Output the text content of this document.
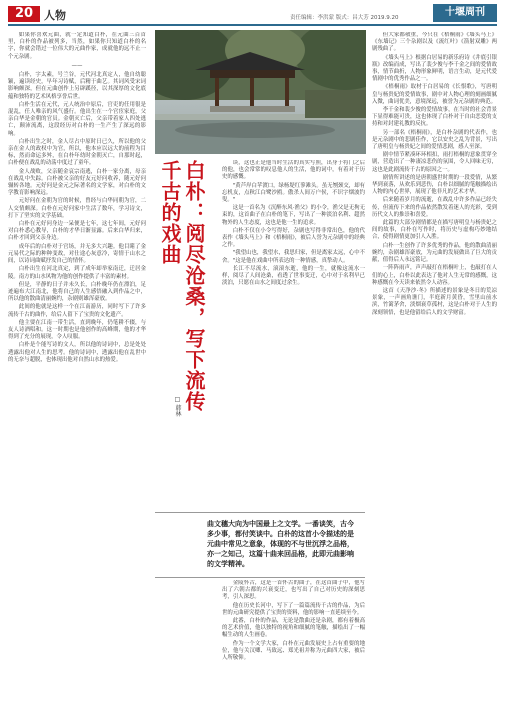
20 人物	责任编辑：李洪蒙 版式：昌大芳 2019.9.20	十堰周刊

如果你喜欢元曲，就一定知道白朴，在元曲三百首里，白朴的作品被列多，当然，如果你只知道白朴的名字，你就会错过一位伟大的元曲作家，成就他的远不止一个元杂剧。

——

白朴，字太素，号兰谷，元代河北真定人，他自幼聪颖，遍读经史，早年习诗赋，后精于曲艺。其词风受宋词影响颇深，但在元曲创作上另辟蹊径，以其深厚的文化底蕴和独特的艺术风格享誉后世。

白朴生活在元代，元人统治中原后，官吏的任用很是混乱，任人唯亲的风气盛行。他出生在一个官宦家庭，父亲白华是金朝的官员。金朝灭亡后，父亲带着家人四处逃亡，颠沛流离，这段经历对白朴的一生产生了深远的影响。

白朴出生之时，金人尽占中原时日已久，所以他的父亲在金人的政权中为官，所以，他本应以远大的前程为目标，然而命运多舛，在白朴年幼时金朝灭亡，自那时起，白朴便在战乱的动荡中度过了童年。

金人战败，父亲随金哀宗南逃，白朴一家分离，母亲在战乱中失踪。白朴被父亲的好友元好问收养，随元好问辗转各地。元好问是金元之际著名的文学家，对白朴的文学教育影响深远。

元好问在金朝为官的时候，曾经与白华同朝为官，二人交情颇深。白朴在元好问家中生活了数年，学习诗文，打下了坚实的文学基础。

白朴在元好问身边一呆便是七年，这七年间，元好问对白朴悉心教导，白朴的才华日渐显露。后来白华归来，白朴才回到父亲身边。

成年后的白朴对于官场，并无多大兴趣。他目睹了金元易代之际的种种变故，对仕途心灰意冷，寄情于山水之间，以诗词曲赋抒发自己的情怀。

白朴出生在河北真定，到了成年却举家南迁，迁居金陵。南方的山水风物为他的创作提供了丰富的素材。

但是，平静的日子并未久长，白朴晚年仍在漂泊，足迹遍布大江南北，他将自己的人生感悟融入到作品之中，所以他的散曲清丽婉约，杂剧则雄浑豪放。

此间的他就是这样一个在江南游历，同时写下了许多流传千古的曲作，给后人留下了宝贵的文化遗产。

他主要在江南一带生活，直到晚年，仍笔耕不辍，与友人诗酒唱和。这一时期也是他创作的高峰期，他的才华得到了充分的展现，令人叹服。

白朴是个能写诗的文人，所以他的诗词中，总是处处透露出他对人生的思考。他的诗词中，透露出他在乱世中的无奈与超脱，也体现出他对自然山水的热爱。	白朴：阅尽沧桑，写下流传千古的戏曲
□ 韩林

谈，这也正是他当时生活的真实写照，出身于将门之后的他，也会常常的叹息他人的生活，他的词中，有着对于历史的感慨。

"黄芦岸白苹渡口，绿杨堤红蓼滩头。虽无刎颈交，却有忘机友，点秋江白鹭沙鸥。傲杀人间万户侯，不识字烟波钓叟。"

这是一首名为《沉醉东风·渔父》的小令，渔父是无拘无束的，这首曲子在白朴的笔下，写出了一种淡泊名利、超然物外的人生态度，这也是他一生的追求。

白朴不仅在小令写得好，杂剧也写得非常出色，他的代表作《墙头马上》和《梧桐雨》，被后人誉为元杂剧中的经典之作。

"我望山也，我望水，我思归家，但是离家太远，心中不舍。"这是他在戏曲中所表达的一种情感，真挚动人。

长江不尽流水，滚滚东逝，他的一生，就像这流水一样，阅尽了人间沧桑，看透了世事变迁，心中对于名利早已淡泊，只愿在山水之间度过余生。

曲文穗大向为中国最上之文学。一番谈笑，古今多少事，都付笑谈中。白朴的这首小令描述的是元曲中常见之意象，体现的不与世沉浮之品格，亦一之知己，这篇十曲来回品格，此即元曲影响的文学精神。

金陵怀古，这是一首怀古的曲子，在这首曲子中，他写出了六朝古都的兴衰变迁，也写出了自己对历史的深刻思考，引人深思。

他在历史长河中，写下了一篇篇流传千古的作品，为后世的元曲研究提供了宝贵的资料，他的影响一直延续至今。

此番，白朴的作品，无论是散曲还是杂剧，都有着极高的艺术价值，他以独特的视角和细腻的笔触，描绘出了一幅幅生动的人生画卷。

作为一个文学大家，白朴在元曲发展史上占有重要的地位，他与关汉卿、马致远、郑光祖并称为元曲四大家，被后人所敬仰。

但大家都敬重，今只在《梧桐雨》《墙头马上》《东墙记》三个杂剧以及《流红叶》《箭射双雕》两剧残曲了。

《墙头马上》根据白居易的新乐府诗《井底引银瓶》改编而成，写出了裴少俊与李千金之间的爱情故事，情节曲折，人物形象鲜明，语言生动，是元代爱情剧中的优秀作品之一。

《梧桐雨》取材于白居易的《长恨歌》，写唐明皇与杨贵妃的爱情故事，剧中对人物心理的刻画细腻入微，曲词优美，意境深远，被誉为元杂剧的典范。

李千金和裴少俊的爱情故事，在当时的社会背景下显得难能可贵，这也体现了白朴对于自由恋爱的支持和对封建礼教的反抗。

另一部名《梧桐雨》，是白朴杂剧的代表作，也是元杂剧中的悲剧佳作，它以安史之乱为背景，写出了唐明皇与杨贵妃之间的爱情悲剧，感人至深。

剧中情节紧凑环环相扣，雨打梧桐的意象贯穿全剧，营造出了一种凄凉悲伤的氛围，令人回味无穷，这也是此剧流传千古的原因之一。

剧情所讲述的是唐朝盛世时期的一段爱情，从繁华到衰落，从欢乐到悲伤，白朴以细腻的笔触描绘出人物的内心世界，展现了他非凡的艺术才华。

后来随着岁月的流逝，在战乱中许多作品已经失传，但流传下来的作品依然散发着迷人的光彩，受到历代文人的推崇和喜爱。

此篇的大部分剧情都是在描写唐明皇与杨贵妃之间的故事，白朴在写作时，将历史与虚构巧妙地结合，使得剧情更加引人入胜。

白朴一生创作了许多优秀的作品，他的散曲清丽婉约，杂剧雄浑豪放，为元曲的发展做出了巨大的贡献，值得后人永远铭记。

一阵阵雨声，声声敲打在梧桐叶上，也敲打在人们的心上，白朴以此表达了他对人生无常的感慨，这种感慨在今天读来依然令人动容。

这首《天净沙·冬》所描述的景象是冬日的荒凉景象，一声画角谯门，半庭新月黄昏，雪里山前水滨，竹篱茅舍，淡烟衰草孤村，这是白朴对于人生的深刻领悟，也是他留给后人的文学财富。
